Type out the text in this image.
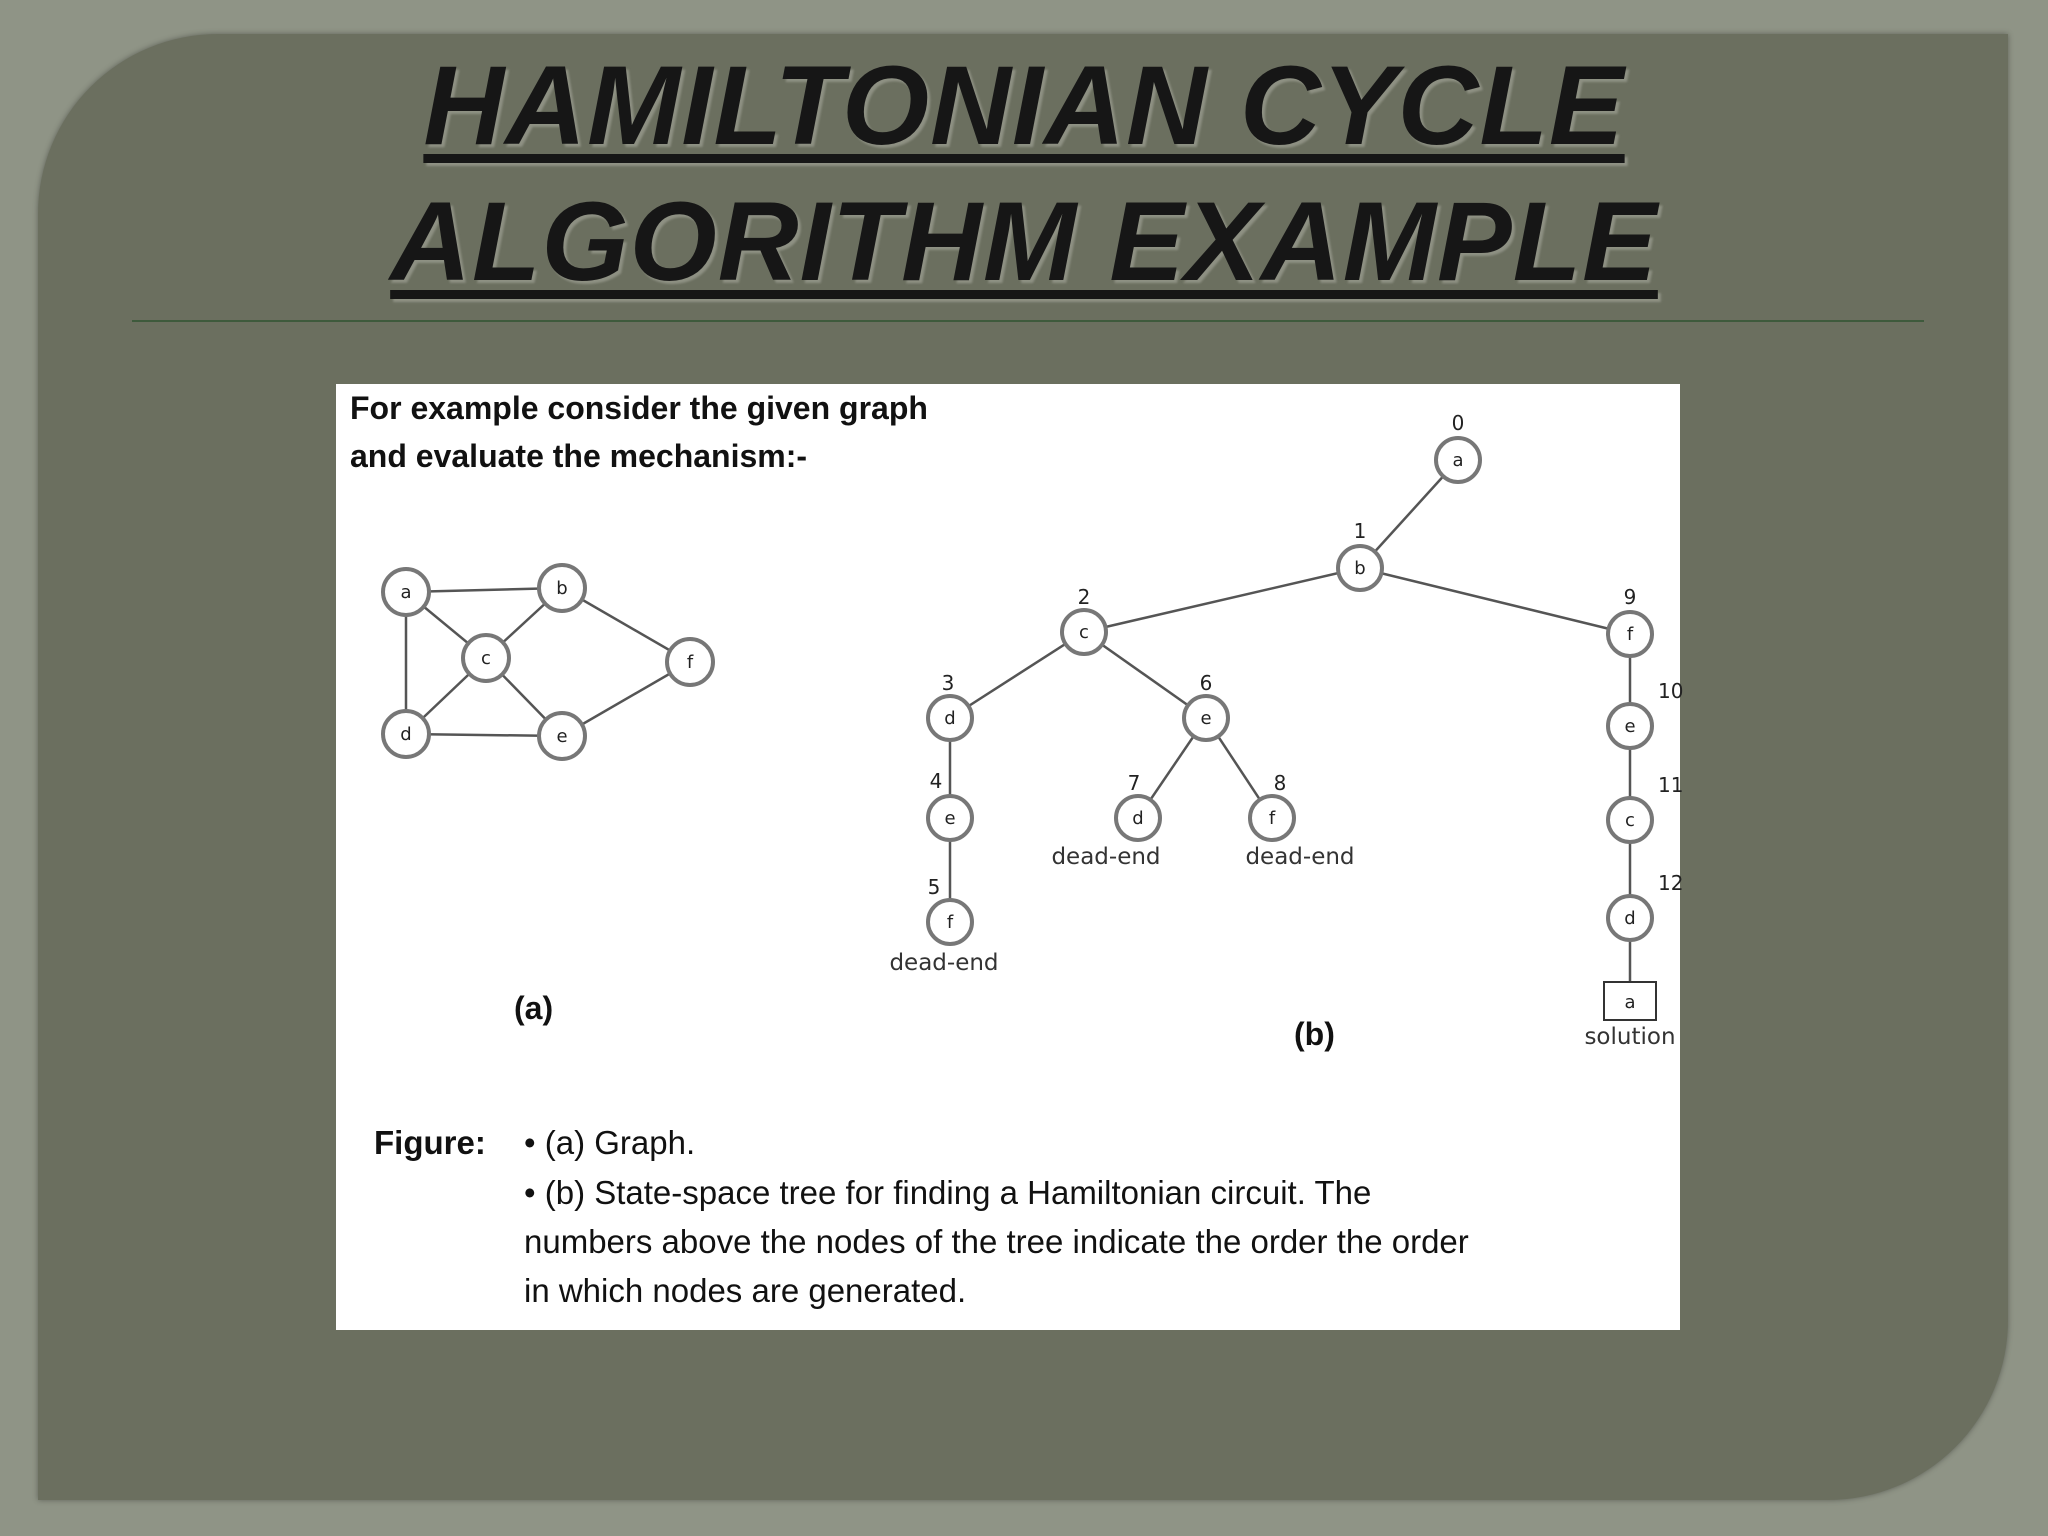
HAMILTONIAN CYCLE
ALGORITHM EXAMPLE
a	b
c
d	e
f
a
0
b
1
c
2
d
3
e
4
f
5
dead-end
e
6
d
7
dead-end
f
8
dead-end
f
9
e
10
c
11
d
12
a
solution
For example consider the given graph
and evaluate the mechanism:-
(a)
(b)
Figure: • (a) Graph.
• (b) State-space tree for finding a Hamiltonian circuit. The
numbers above the nodes of the tree indicate the order the order
in which nodes are generated.
